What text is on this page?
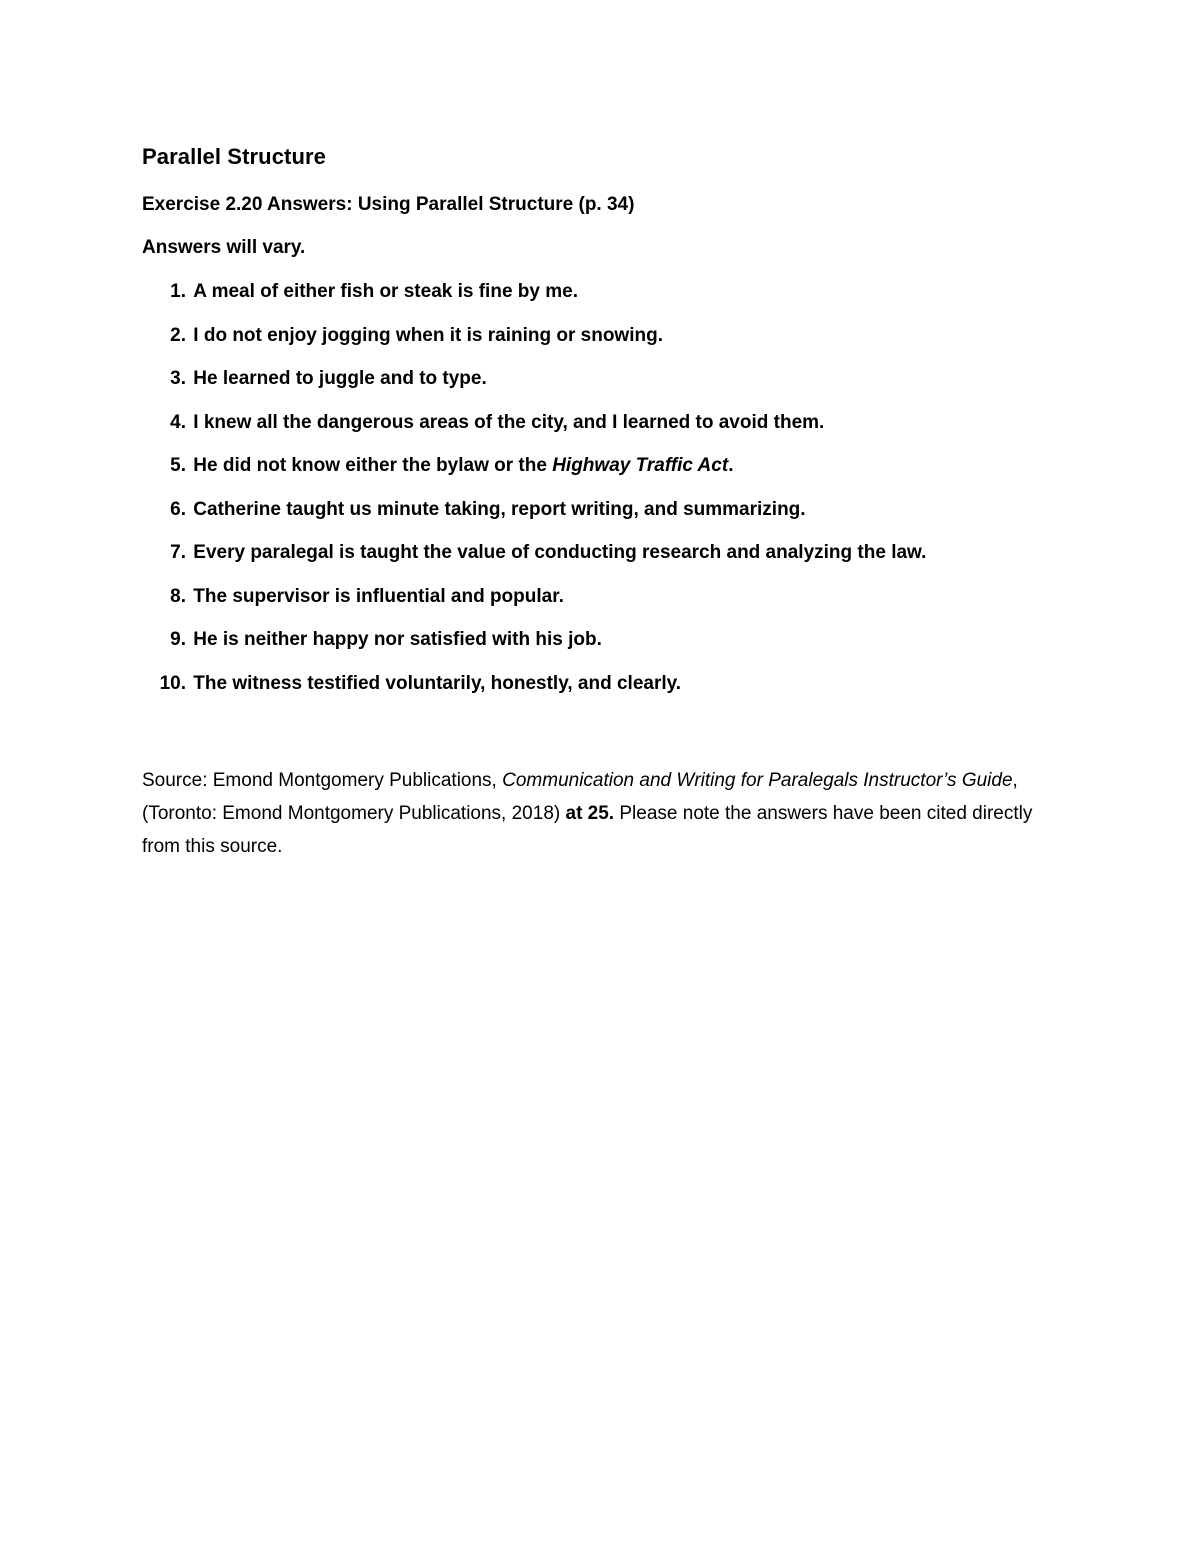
Parallel Structure
Exercise 2.20 Answers: Using Parallel Structure (p. 34)
Answers will vary.
1. A meal of either fish or steak is fine by me.
2. I do not enjoy jogging when it is raining or snowing.
3. He learned to juggle and to type.
4. I knew all the dangerous areas of the city, and I learned to avoid them.
5. He did not know either the bylaw or the Highway Traffic Act.
6. Catherine taught us minute taking, report writing, and summarizing.
7. Every paralegal is taught the value of conducting research and analyzing the law.
8. The supervisor is influential and popular.
9. He is neither happy nor satisfied with his job.
10. The witness testified voluntarily, honestly, and clearly.

Source: Emond Montgomery Publications, Communication and Writing for Paralegals Instructor’s Guide, (Toronto: Emond Montgomery Publications, 2018) at 25. Please note the answers have been cited directly from this source.
